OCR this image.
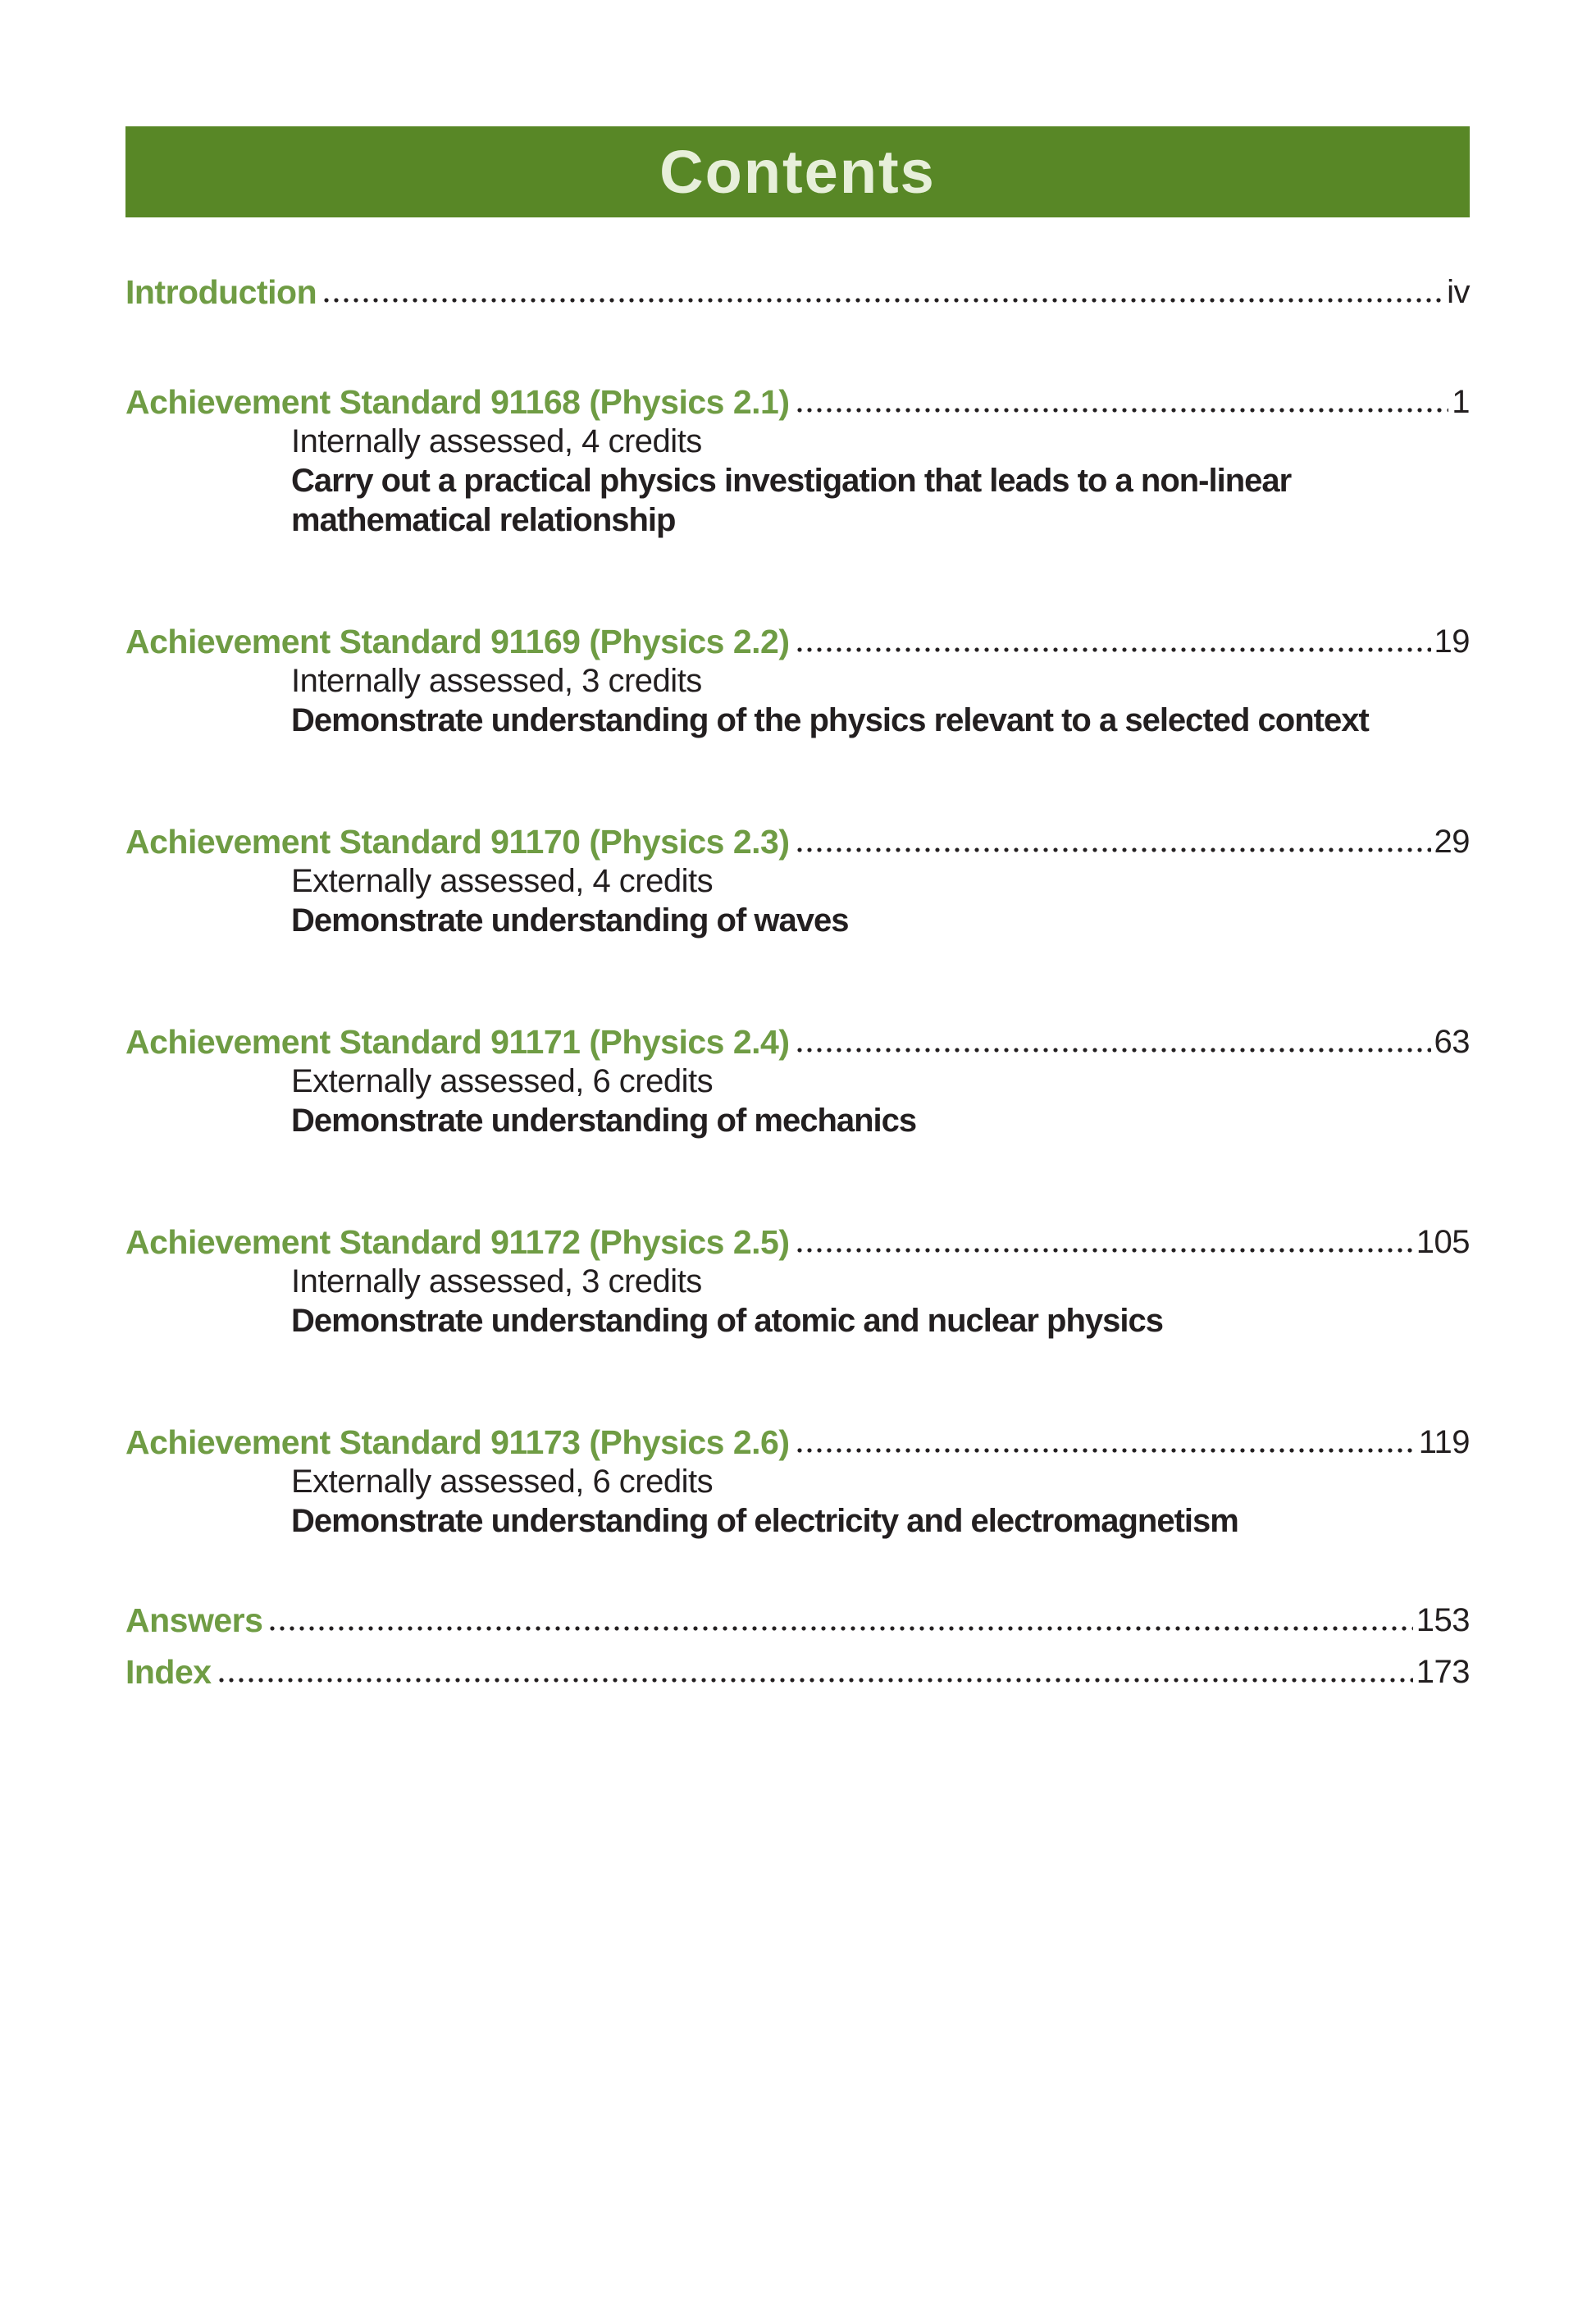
Contents
Introduction	iv
Achievement Standard 91168 (Physics 2.1)	1
Internally assessed, 4 credits
Carry out a practical physics investigation that leads to a non-linear mathematical relationship
Achievement Standard 91169 (Physics 2.2)	19
Internally assessed, 3 credits
Demonstrate understanding of the physics relevant to a selected context
Achievement Standard 91170 (Physics 2.3)	29
Externally assessed, 4 credits
Demonstrate understanding of waves
Achievement Standard 91171 (Physics 2.4)	63
Externally assessed, 6 credits
Demonstrate understanding of mechanics
Achievement Standard 91172 (Physics 2.5)	105
Internally assessed, 3 credits
Demonstrate understanding of atomic and nuclear physics
Achievement Standard 91173 (Physics 2.6)	119
Externally assessed, 6 credits
Demonstrate understanding of electricity and electromagnetism
Answers	153
Index	173
